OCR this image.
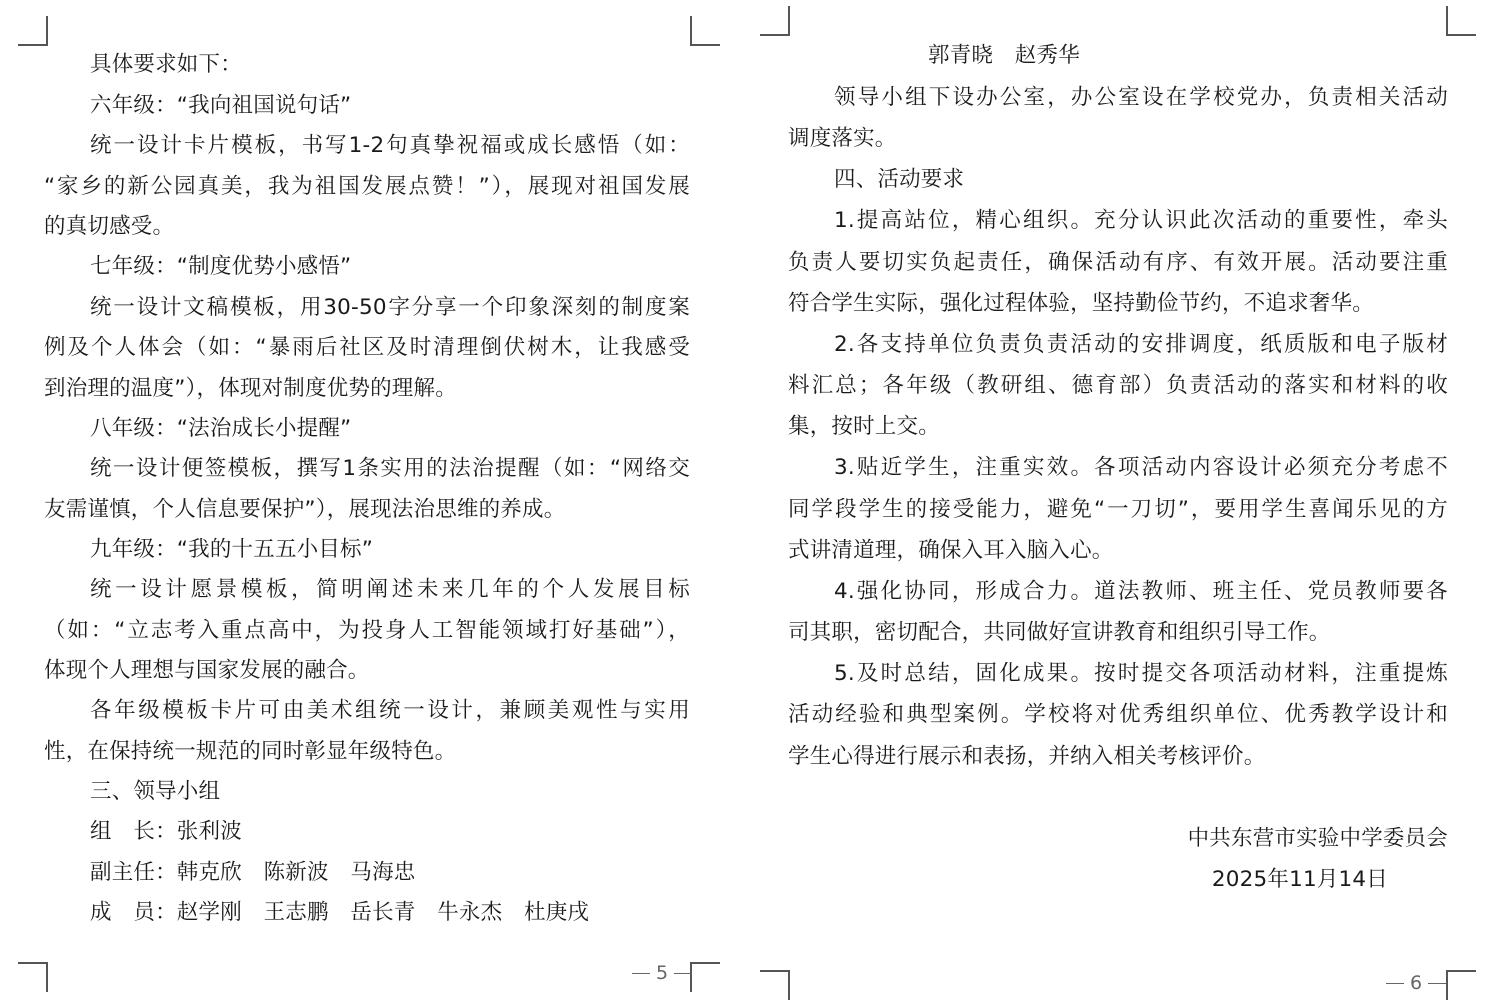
具体要求如下：
六年级：“我向祖国说句话”
统一设计卡片模板，书写1-2句真挚祝福或成长感悟（如：
“家乡的新公园真美，我为祖国发展点赞！”），展现对祖国发展
的真切感受。
七年级：“制度优势小感悟”
统一设计文稿模板，用30-50字分享一个印象深刻的制度案
例及个人体会（如：“暴雨后社区及时清理倒伏树木，让我感受
到治理的温度”），体现对制度优势的理解。
八年级：“法治成长小提醒”
统一设计便签模板，撰写1条实用的法治提醒（如：“网络交
友需谨慎，个人信息要保护”），展现法治思维的养成。
九年级：“我的十五五小目标”
统一设计愿景模板，简明阐述未来几年的个人发展目标
（如：“立志考入重点高中，为投身人工智能领域打好基础”），
体现个人理想与国家发展的融合。
各年级模板卡片可由美术组统一设计，兼顾美观性与实用
性，在保持统一规范的同时彰显年级特色。
三、领导小组
组　长：张利波
副主任：韩克欣　陈新波　马海忠
成　员：赵学刚　王志鹏　岳长青　牛永杰　杜庚戌
5
郭青晓　赵秀华
领导小组下设办公室，办公室设在学校党办，负责相关活动
调度落实。
四、活动要求
1.提高站位，精心组织。充分认识此次活动的重要性，牵头
负责人要切实负起责任，确保活动有序、有效开展。活动要注重
符合学生实际，强化过程体验，坚持勤俭节约，不追求奢华。
2.各支持单位负责负责活动的安排调度，纸质版和电子版材
料汇总；各年级（教研组、德育部）负责活动的落实和材料的收
集，按时上交。
3.贴近学生，注重实效。各项活动内容设计必须充分考虑不
同学段学生的接受能力，避免“一刀切”，要用学生喜闻乐见的方
式讲清道理，确保入耳入脑入心。
4.强化协同，形成合力。道法教师、班主任、党员教师要各
司其职，密切配合，共同做好宣讲教育和组织引导工作。
5.及时总结，固化成果。按时提交各项活动材料，注重提炼
活动经验和典型案例。学校将对优秀组织单位、优秀教学设计和
学生心得进行展示和表扬，并纳入相关考核评价。
中共东营市实验中学委员会
2025年11月14日
6
